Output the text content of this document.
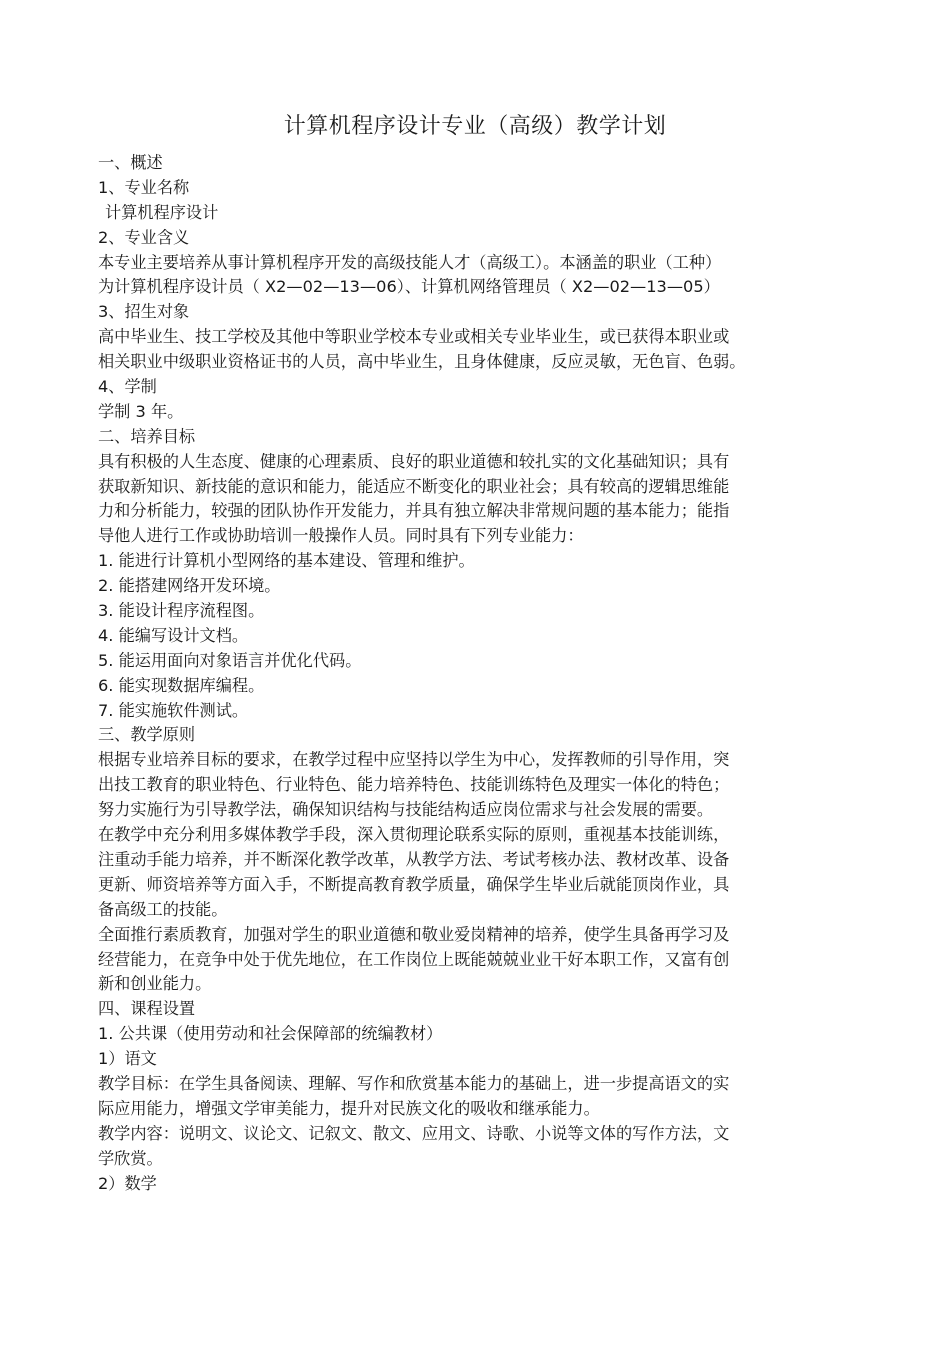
计算机程序设计专业（高级）教学计划
一、概述
1、专业名称
计算机程序设计
2、专业含义
本专业主要培养从事计算机程序开发的高级技能人才（高级工）。本涵盖的职业（工种）
为计算机程序设计员（ X2—02—13—06）、计算机网络管理员（ X2—02—13—05）
3、招生对象
高中毕业生、技工学校及其他中等职业学校本专业或相关专业毕业生，或已获得本职业或
相关职业中级职业资格证书的人员，高中毕业生，且身体健康，反应灵敏，无色盲、色弱。
4、学制
学制 3 年。
二、培养目标
具有积极的人生态度、健康的心理素质、良好的职业道德和较扎实的文化基础知识；具有
获取新知识、新技能的意识和能力，能适应不断变化的职业社会；具有较高的逻辑思维能
力和分析能力，较强的团队协作开发能力，并具有独立解决非常规问题的基本能力；能指
导他人进行工作或协助培训一般操作人员。同时具有下列专业能力：
1. 能进行计算机小型网络的基本建设、管理和维护。
2. 能搭建网络开发环境。
3. 能设计程序流程图。
4. 能编写设计文档。
5. 能运用面向对象语言并优化代码。
6. 能实现数据库编程。
7. 能实施软件测试。
三、教学原则
根据专业培养目标的要求，在教学过程中应坚持以学生为中心，发挥教师的引导作用，突
出技工教育的职业特色、行业特色、能力培养特色、技能训练特色及理实一体化的特色；
努力实施行为引导教学法，确保知识结构与技能结构适应岗位需求与社会发展的需要。
在教学中充分利用多媒体教学手段，深入贯彻理论联系实际的原则，重视基本技能训练，
注重动手能力培养，并不断深化教学改革，从教学方法、考试考核办法、教材改革、设备
更新、师资培养等方面入手，不断提高教育教学质量，确保学生毕业后就能顶岗作业，具
备高级工的技能。
全面推行素质教育，加强对学生的职业道德和敬业爱岗精神的培养，使学生具备再学习及
经营能力，在竞争中处于优先地位，在工作岗位上既能兢兢业业干好本职工作，又富有创
新和创业能力。
四、课程设置
1. 公共课（使用劳动和社会保障部的统编教材）
1）语文
教学目标：在学生具备阅读、理解、写作和欣赏基本能力的基础上，进一步提高语文的实
际应用能力，增强文学审美能力，提升对民族文化的吸收和继承能力。
教学内容：说明文、议论文、记叙文、散文、应用文、诗歌、小说等文体的写作方法，文
学欣赏。
2）数学
